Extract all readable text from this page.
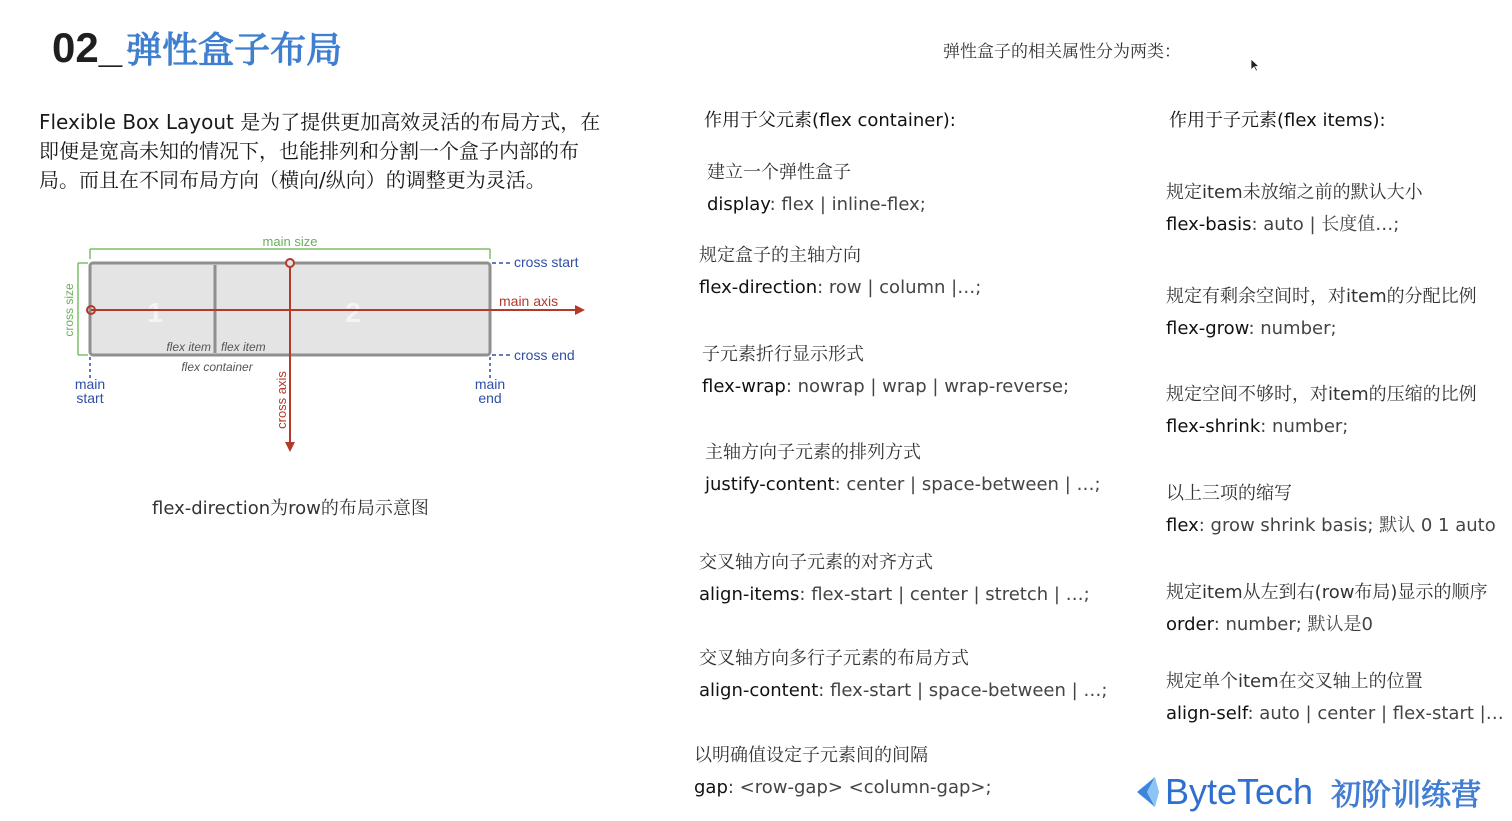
02_ 弹性盒子布局
Flexible Box Layout 是为了提供更加高效灵活的布局方式，在即便是宽高未知的情况下，也能排列和分割一个盒子内部的布局。而且在不同布局方向（横向/纵向）的调整更为灵活。
main size
cross size	1	2
flex item flex item
flex container
cross start
cross end
main
start
main
end
main axis
cross axis
flex-direction为row的布局示意图
弹性盒子的相关属性分为两类：
作用于父元素(flex container):	作用于子元素(flex items):
建立一个弹性盒子
display: flex | inline-flex;
规定盒子的主轴方向
flex-direction: row | column |…;
子元素折行显示形式
flex-wrap: nowrap | wrap | wrap-reverse;
主轴方向子元素的排列方式
justify-content: center | space-between | …;
交叉轴方向子元素的对齐方式
align-items: flex-start | center | stretch | …;
交叉轴方向多行子元素的布局方式
align-content: flex-start | space-between | …;
以明确值设定子元素间的间隔
gap: <row-gap> <column-gap>;
规定item未放缩之前的默认大小
flex-basis: auto | 长度值…;
规定有剩余空间时，对item的分配比例
flex-grow: number;
规定空间不够时，对item的压缩的比例
flex-shrink: number;
以上三项的缩写
flex: grow shrink basis; 默认 0 1 auto
规定item从左到右(row布局)显示的顺序
order: number; 默认是0
规定单个item在交叉轴上的位置
align-self: auto | center | flex-start |…
ByteTech 初阶训练营
